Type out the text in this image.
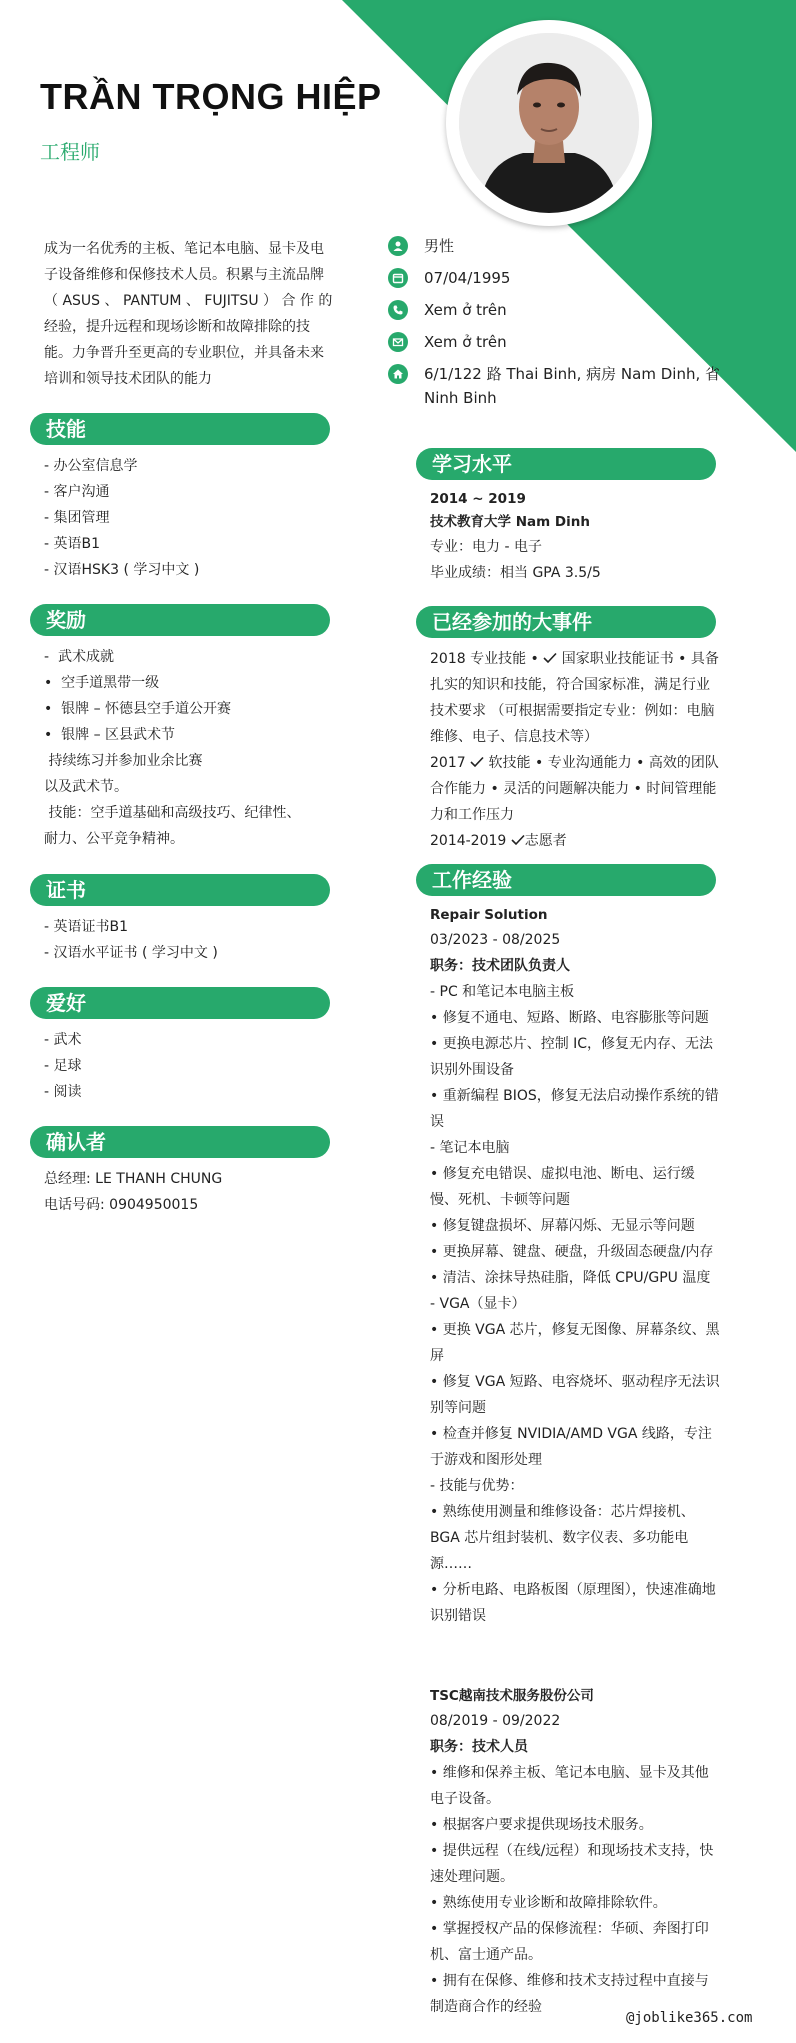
TRẦN TRỌNG HIỆP
工程师
成为一名优秀的主板、笔记本电脑、显卡及电子设备维修和保修技术人员。积累与主流品牌 （ ASUS 、 PANTUM 、 FUJITSU ） 合 作 的 经验，提升远程和现场诊断和故障排除的技能。力争晋升至更高的专业职位，并具备未来培训和领导技术团队的能力
男性
07/04/1995
Xem ở trên
Xem ở trên
6/1/122 路 Thai Binh, 病房 Nam Dinh, 省 Ninh Binh
技能
- 办公室信息学
- 客户沟通
- 集团管理
- 英语B1
- 汉语HSK3 ( 学习中文 )
奖励
-  武术成就
•  空手道黑带一级
•  银牌 – 怀德县空手道公开赛
•  银牌 – 区县武术节
持续练习并参加业余比赛
以及武术节。
技能：空手道基础和高级技巧、纪律性、
耐力、公平竞争精神。
证书
- 英语证书B1
- 汉语水平证书 ( 学习中文 )
爱好
- 武术
- 足球
- 阅读
确认者
总经理: LE THANH CHUNG
电话号码: 0904950015
学习水平
2014 ~ 2019
技术教育大学 Nam Dinh
专业：电力 - 电子
毕业成绩：相当 GPA 3.5/5
已经参加的大事件
2018 专业技能 •  国家职业技能证书 • 具备扎实的知识和技能，符合国家标准，满足行业技术要求 （可根据需要指定专业：例如：电脑维修、电子、信息技术等）
2017  软技能 • 专业沟通能力 • 高效的团队合作能力 • 灵活的问题解决能力 • 时间管理能力和工作压力
2014-2019 志愿者
工作经验
Repair Solution
03/2023 - 08/2025
职务：技术团队负责人
- PC 和笔记本电脑主板
• 修复不通电、短路、断路、电容膨胀等问题
• 更换电源芯片、控制 IC，修复无内存、无法识别外围设备
• 重新编程 BIOS，修复无法启动操作系统的错误
- 笔记本电脑
• 修复充电错误、虚拟电池、断电、运行缓慢、死机、卡顿等问题
• 修复键盘损坏、屏幕闪烁、无显示等问题
• 更换屏幕、键盘、硬盘，升级固态硬盘/内存
• 清洁、涂抹导热硅脂，降低 CPU/GPU 温度
- VGA（显卡）
• 更换 VGA 芯片，修复无图像、屏幕条纹、黑屏
• 修复 VGA 短路、电容烧坏、驱动程序无法识别等问题
• 检查并修复 NVIDIA/AMD VGA 线路，专注于游戏和图形处理
- 技能与优势：
• 熟练使用测量和维修设备：芯片焊接机、BGA 芯片组封装机、数字仪表、多功能电源……
• 分析电路、电路板图（原理图），快速准确地识别错误
TSC越南技术服务股份公司
08/2019 - 09/2022
职务：技术人员
• 维修和保养主板、笔记本电脑、显卡及其他电子设备。
• 根据客户要求提供现场技术服务。
• 提供远程（在线/远程）和现场技术支持，快速处理问题。
• 熟练使用专业诊断和故障排除软件。
• 掌握授权产品的保修流程：华硕、奔图打印机、富士通产品。
• 拥有在保修、维修和技术支持过程中直接与制造商合作的经验
@joblike365.com
